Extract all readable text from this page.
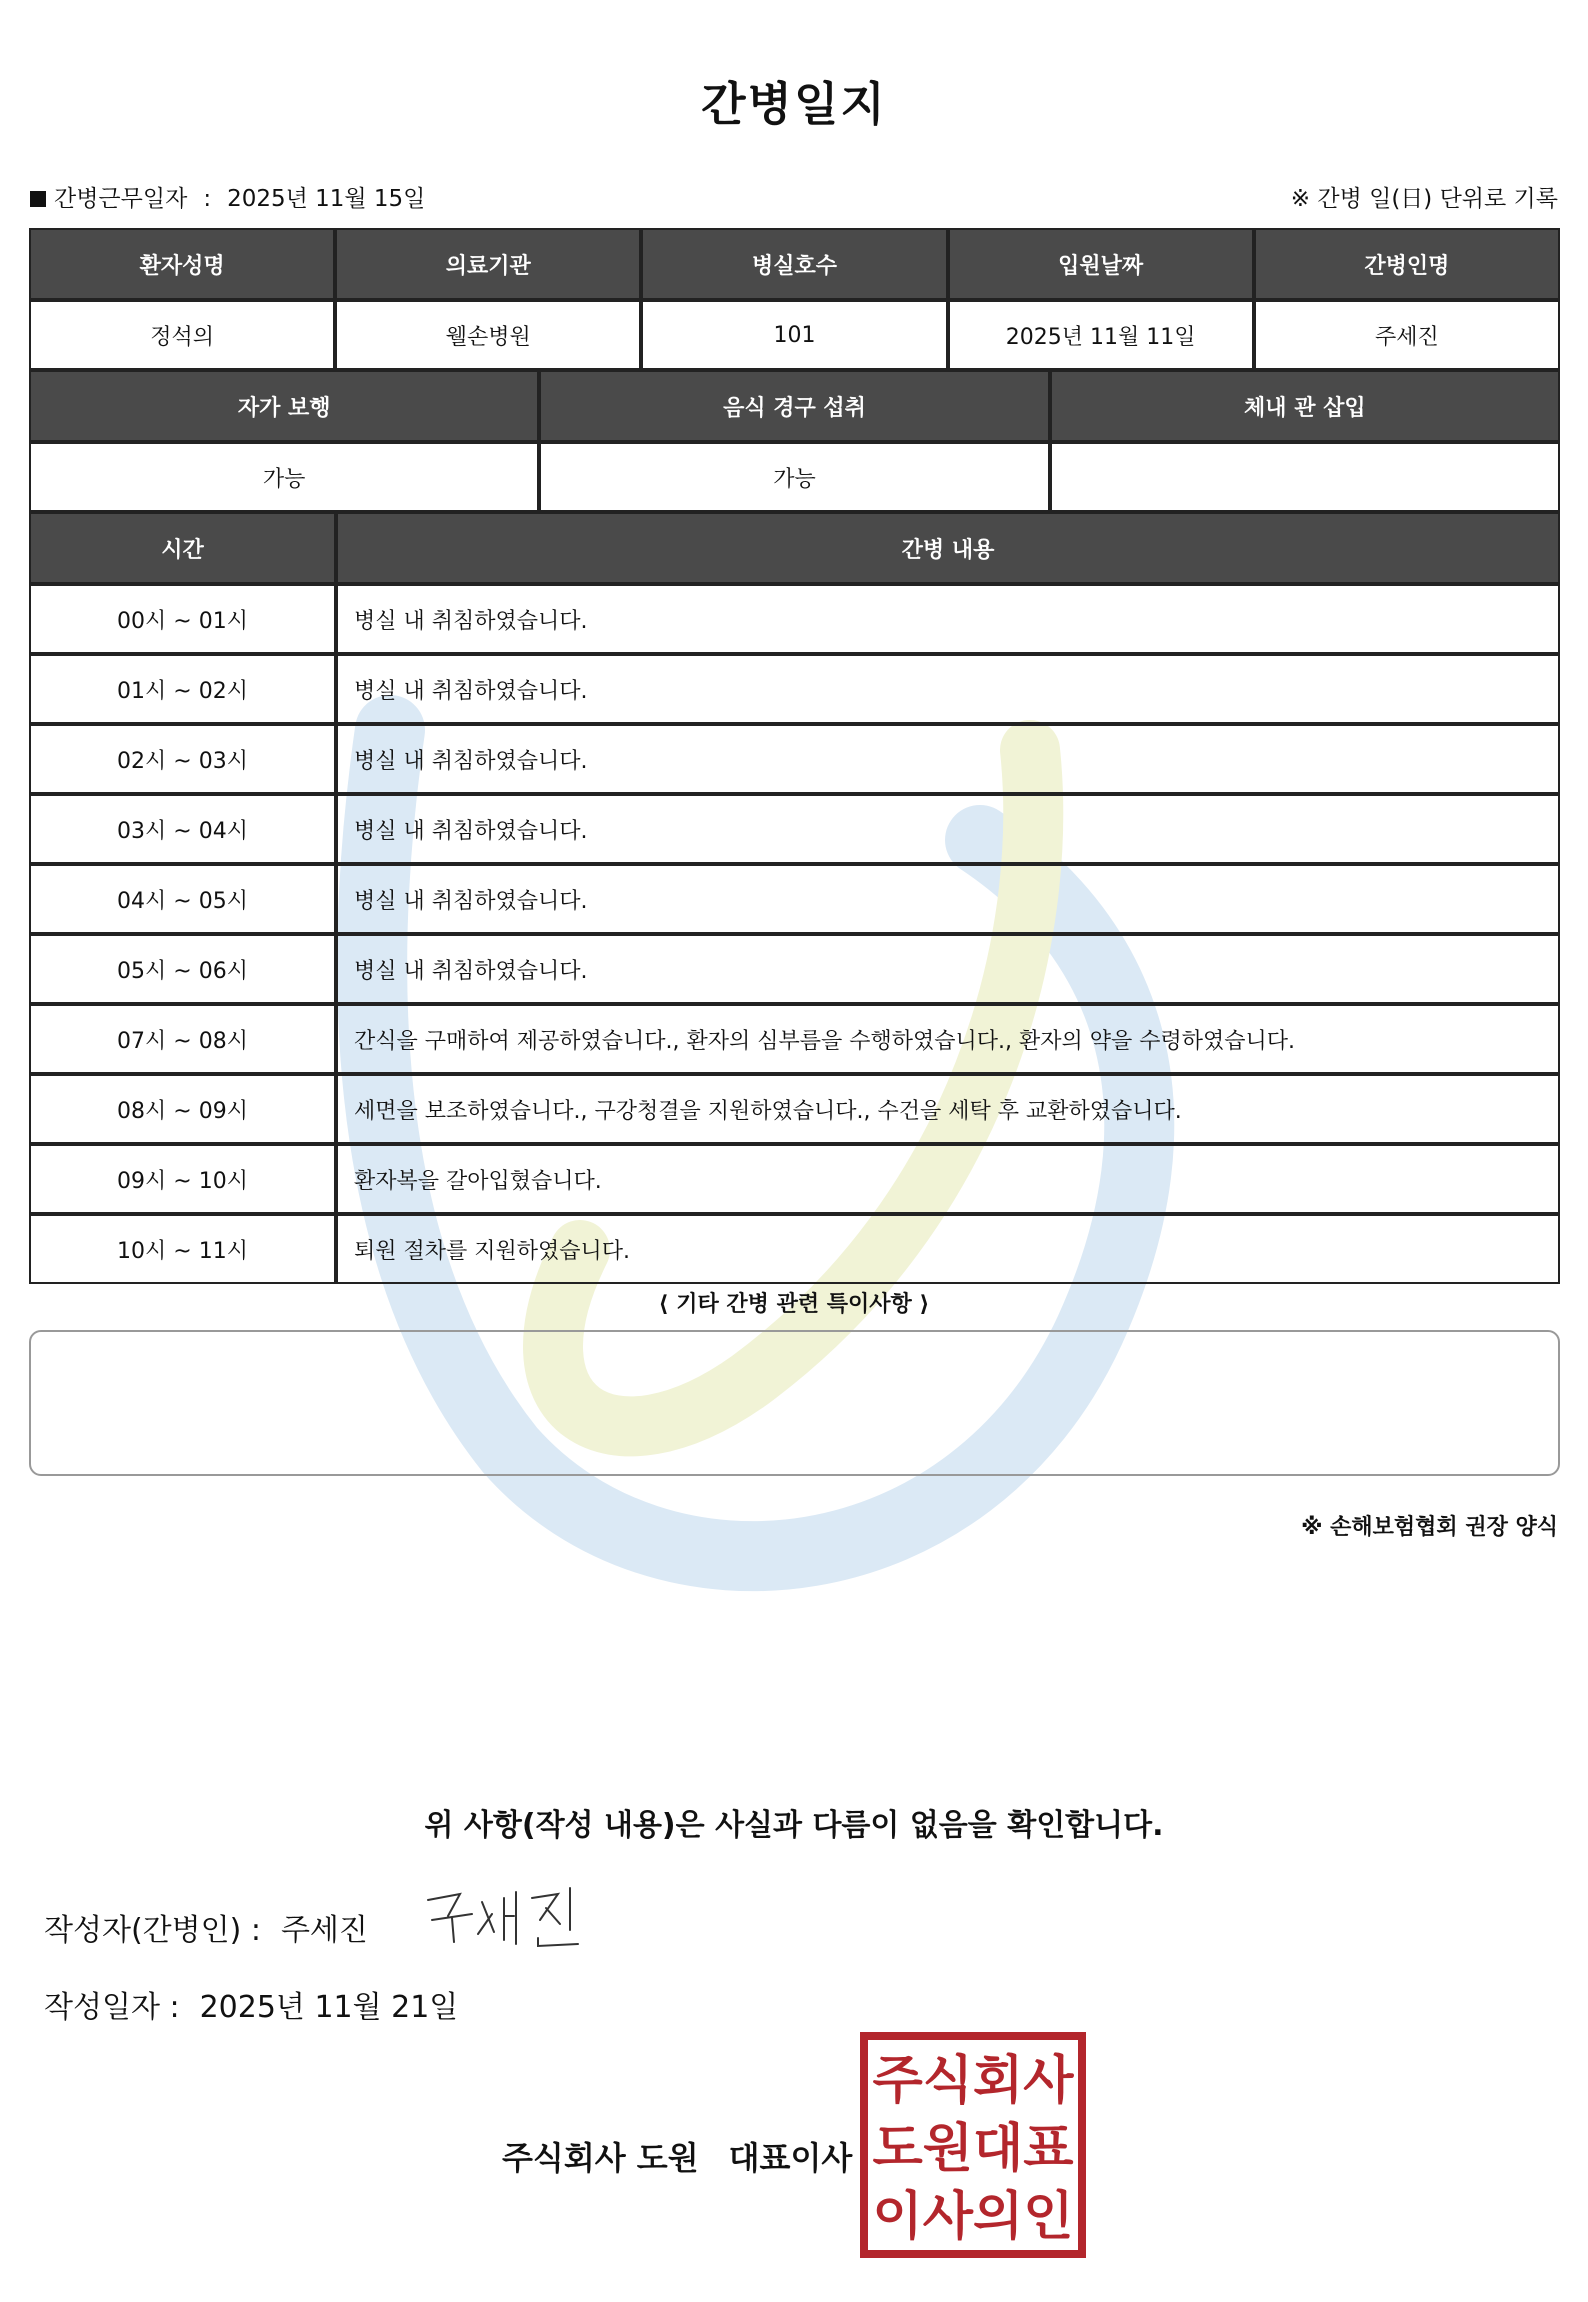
간병일지
간병근무일자 : 2025년 11월 15일	※ 간병 일(日) 단위로 기록
환자성명	의료기관	병실호수	입원날짜	간병인명
정석의	웰손병원	101	2025년 11월 11일	주세진
자가 보행	음식 경구 섭취	체내 관 삽입
가능	가능	
시간	간병 내용
00시 ~ 01시	병실 내 취침하였습니다.
01시 ~ 02시	병실 내 취침하였습니다.
02시 ~ 03시	병실 내 취침하였습니다.
03시 ~ 04시	병실 내 취침하였습니다.
04시 ~ 05시	병실 내 취침하였습니다.
05시 ~ 06시	병실 내 취침하였습니다.
07시 ~ 08시	간식을 구매하여 제공하였습니다., 환자의 심부름을 수행하였습니다., 환자의 약을 수령하였습니다.
08시 ~ 09시	세면을 보조하였습니다., 구강청결을 지원하였습니다., 수건을 세탁 후 교환하였습니다.
09시 ~ 10시	환자복을 갈아입혔습니다.
10시 ~ 11시	퇴원 절차를 지원하였습니다.
⟨ 기타 간병 관련 특이사항 ⟩
※ 손해보험협회 권장 양식
위 사항(작성 내용)은 사실과 다름이 없음을 확인합니다.
작성자(간병인) : 주세진
작성일자 : 2025년 11월 21일
주식회사 도원 대표이사
주식회사
도원대표
이사의인
